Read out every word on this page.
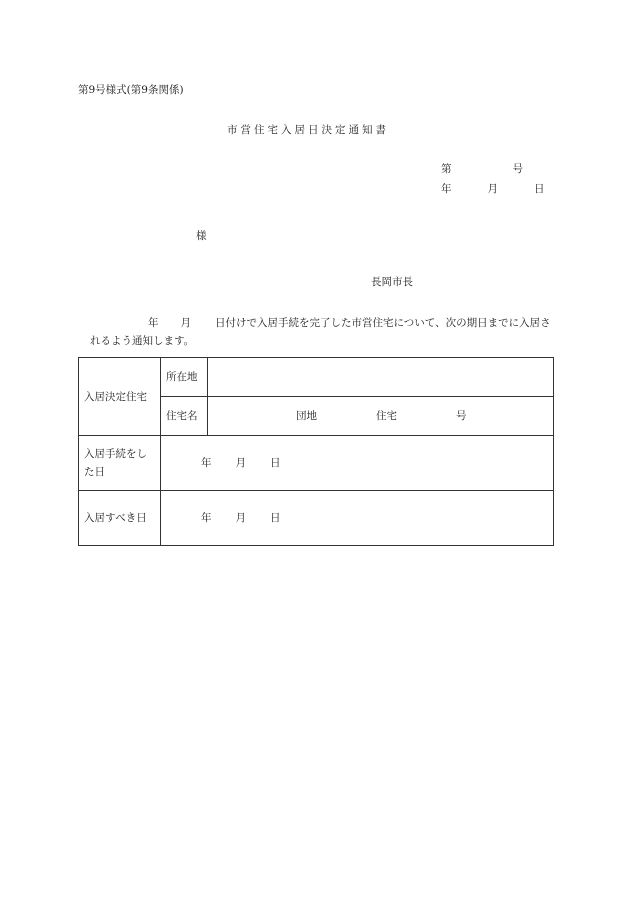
第9号様式(第9条関係)
市営住宅入居日決定通知書
第	号
年	月	日
様
長岡市長
年 月 日付けで入居手続を完了した市営住宅について、次の期日までに入居されるよう通知します。
入居決定住宅	所在地	
	住宅名	団地 住宅 号
入居手続をした日	年 月 日	
入居すべき日	年 月 日	
